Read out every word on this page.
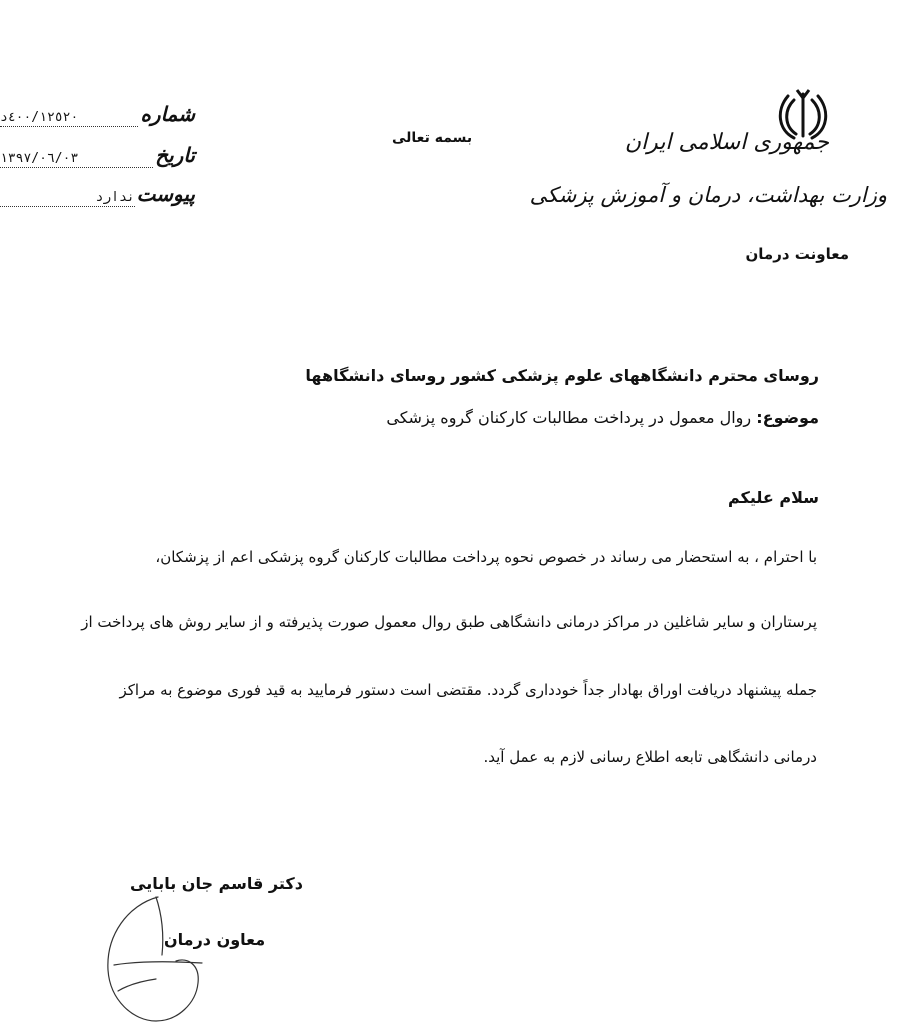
جمهوری اسلامی ایران
وزارت بهداشت، درمان و آموزش پزشکی
معاونت درمان
بسمه تعالی
شماره
٤٠٠/١٢٥٢٠د
تاریخ
١٣٩٧/٠٦/٠٣
پیوست
ندارد
روسای محترم دانشگاههای علوم پزشکی کشور روسای دانشگاهها
موضوع: روال معمول در پرداخت مطالبات کارکنان گروه پزشکی
سلام علیکم
با احترام ، به استحضار می رساند در خصوص نحوه پرداخت مطالبات کارکنان گروه پزشکی اعم از پزشکان،
پرستاران و سایر شاغلین در مراکز درمانی دانشگاهی طبق روال معمول صورت پذیرفته و از سایر روش های پرداخت از
جمله پیشنهاد دریافت اوراق بهادار جداً خودداری گردد. مقتضی است دستور فرمایید به قید فوری موضوع به مراکز
درمانی دانشگاهی تابعه اطلاع رسانی لازم به عمل آید.
دکتر قاسم جان بابایی
معاون درمان
